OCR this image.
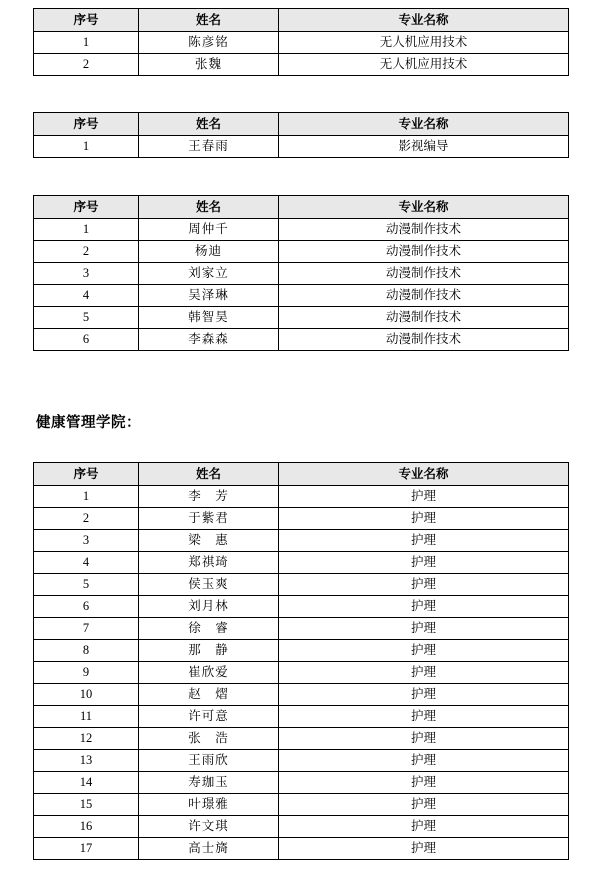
序号	姓名	专业名称
1	陈彦铭	无人机应用技术
2	张魏	无人机应用技术
序号	姓名	专业名称
1	王春雨	影视编导
序号	姓名	专业名称
1	周仲千	动漫制作技术
2	杨迪	动漫制作技术
3	刘家立	动漫制作技术
4	吴泽琳	动漫制作技术
5	韩智昊	动漫制作技术
6	李森森	动漫制作技术
健康管理学院：
序号	姓名	专业名称
1	李　芳	护理
2	于紫君	护理
3	梁　惠	护理
4	郑祺琦	护理
5	侯玉爽	护理
6	刘月林	护理
7	徐　睿	护理
8	那　静	护理
9	崔欣爱	护理
10	赵　熠	护理
11	许可意	护理
12	张　浩	护理
13	王雨欣	护理
14	寿珈玉	护理
15	叶璟雅	护理
16	许文琪	护理
17	高士旖	护理
